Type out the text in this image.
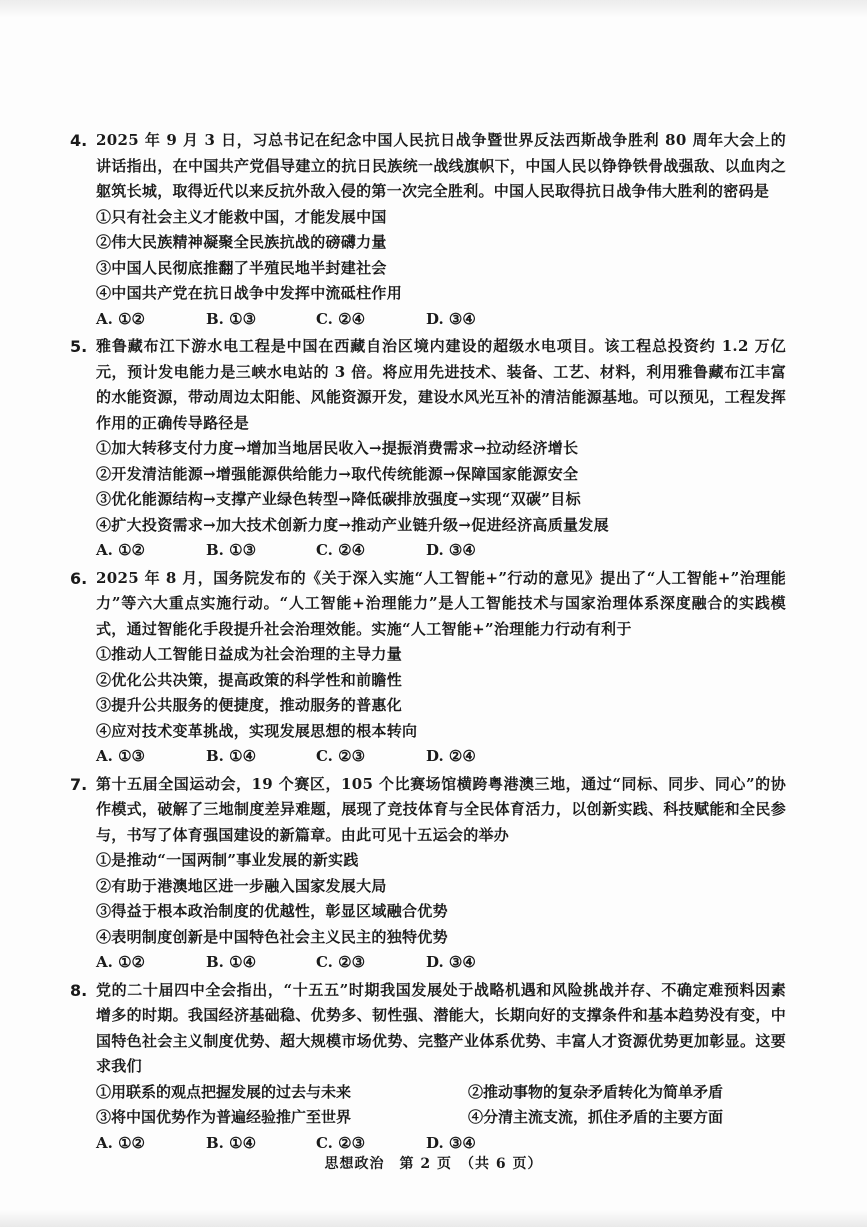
4. 2025 年 9 月 3 日，习总书记在纪念中国人民抗日战争暨世界反法西斯战争胜利 80 周年大会上的讲话指出，在中国共产党倡导建立的抗日民族统一战线旗帜下，中国人民以铮铮铁骨战强敌、以血肉之躯筑长城，取得近代以来反抗外敌入侵的第一次完全胜利。中国人民取得抗日战争伟大胜利的密码是
①只有社会主义才能救中国，才能发展中国
②伟大民族精神凝聚全民族抗战的磅礴力量
③中国人民彻底推翻了半殖民地半封建社会
④中国共产党在抗日战争中发挥中流砥柱作用
A. ①②	B. ①③	C. ②④	D. ③④
5. 雅鲁藏布江下游水电工程是中国在西藏自治区境内建设的超级水电项目。该工程总投资约 1.2 万亿元，预计发电能力是三峡水电站的 3 倍。将应用先进技术、装备、工艺、材料，利用雅鲁藏布江丰富的水能资源，带动周边太阳能、风能资源开发，建设水风光互补的清洁能源基地。可以预见，工程发挥作用的正确传导路径是
①加大转移支付力度→增加当地居民收入→提振消费需求→拉动经济增长
②开发清洁能源→增强能源供给能力→取代传统能源→保障国家能源安全
③优化能源结构→支撑产业绿色转型→降低碳排放强度→实现“双碳”目标
④扩大投资需求→加大技术创新力度→推动产业链升级→促进经济高质量发展
A. ①②	B. ①③	C. ②④	D. ③④
6. 2025 年 8 月，国务院发布的《关于深入实施“人工智能+”行动的意见》提出了“人工智能+”治理能力”等六大重点实施行动。“人工智能+治理能力”是人工智能技术与国家治理体系深度融合的实践模式，通过智能化手段提升社会治理效能。实施“人工智能+”治理能力行动有利于
①推动人工智能日益成为社会治理的主导力量
②优化公共决策，提高政策的科学性和前瞻性
③提升公共服务的便捷度，推动服务的普惠化
④应对技术变革挑战，实现发展思想的根本转向
A. ①③	B. ①④	C. ②③	D. ②④
7. 第十五届全国运动会，19 个赛区，105 个比赛场馆横跨粤港澳三地，通过“同标、同步、同心”的协作模式，破解了三地制度差异难题，展现了竞技体育与全民体育活力，以创新实践、科技赋能和全民参与，书写了体育强国建设的新篇章。由此可见十五运会的举办
①是推动“一国两制”事业发展的新实践
②有助于港澳地区进一步融入国家发展大局
③得益于根本政治制度的优越性，彰显区域融合优势
④表明制度创新是中国特色社会主义民主的独特优势
A. ①②	B. ①④	C. ②③	D. ③④
8. 党的二十届四中全会指出，“十五五”时期我国发展处于战略机遇和风险挑战并存、不确定难预料因素增多的时期。我国经济基础稳、优势多、韧性强、潜能大，长期向好的支撑条件和基本趋势没有变，中国特色社会主义制度优势、超大规模市场优势、完整产业体系优势、丰富人才资源优势更加彰显。这要求我们
①用联系的观点把握发展的过去与未来	②推动事物的复杂矛盾转化为简单矛盾
③将中国优势作为普遍经验推广至世界	④分清主流支流，抓住矛盾的主要方面
A. ①②	B. ①④	C. ②③	D. ③④
思想政治　第 2 页　（共 6 页）
